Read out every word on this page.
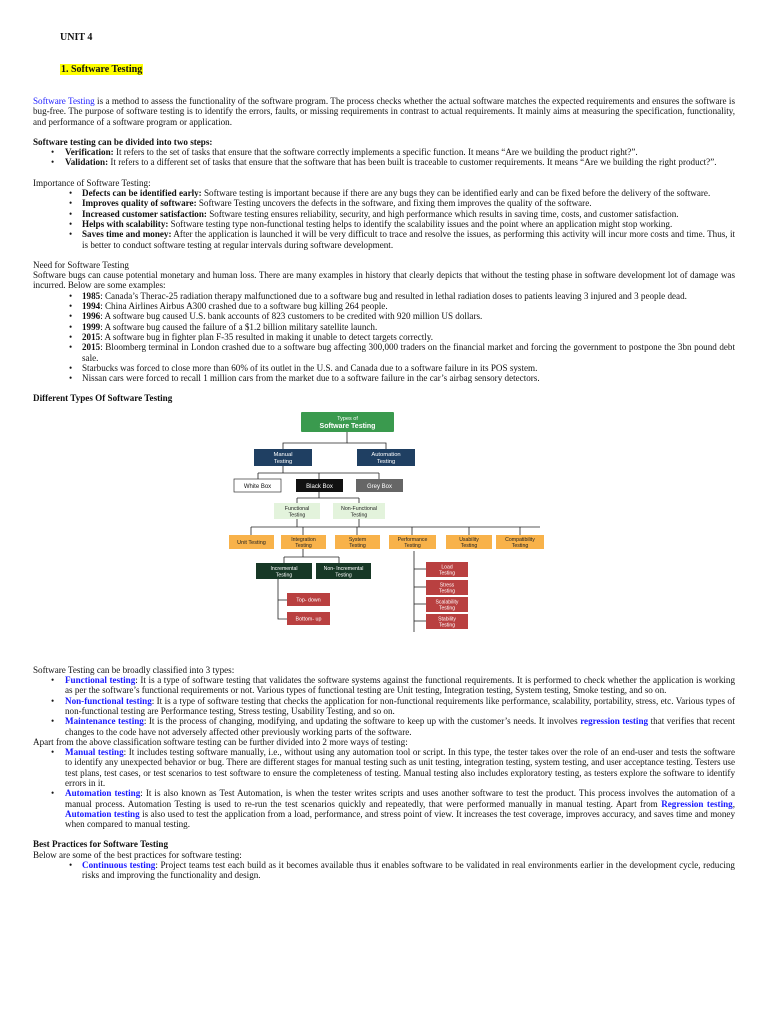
UNIT 4

1. Software Testing

Software Testing is a method to assess the functionality of the software program. The process checks whether the actual software matches the expected requirements and ensures the software is bug-free. The purpose of software testing is to identify the errors, faults, or missing requirements in contrast to actual requirements. It mainly aims at measuring the specification, functionality, and performance of a software program or application.

Software testing can be divided into two steps:

• Verification: It refers to the set of tasks that ensure that the software correctly implements a specific function. It means “Are we building the product right?”.
• Validation: It refers to a different set of tasks that ensure that the software that has been built is traceable to customer requirements. It means “Are we building the right product?”.

Importance of Software Testing:

• Defects can be identified early: Software testing is important because if there are any bugs they can be identified early and can be fixed before the delivery of the software.
• Improves quality of software: Software Testing uncovers the defects in the software, and fixing them improves the quality of the software.
• Increased customer satisfaction: Software testing ensures reliability, security, and high performance which results in saving time, costs, and customer satisfaction.
• Helps with scalability: Software testing type non-functional testing helps to identify the scalability issues and the point where an application might stop working.
• Saves time and money: After the application is launched it will be very difficult to trace and resolve the issues, as performing this activity will incur more costs and time. Thus, it is better to conduct software testing at regular intervals during software development.

Need for Software Testing

Software bugs can cause potential monetary and human loss. There are many examples in history that clearly depicts that without the testing phase in software development lot of damage was incurred. Below are some examples:

• 1985: Canada’s Therac-25 radiation therapy malfunctioned due to a software bug and resulted in lethal radiation doses to patients leaving 3 injured and 3 people dead.
• 1994: China Airlines Airbus A300 crashed due to a software bug killing 264 people.
• 1996: A software bug caused U.S. bank accounts of 823 customers to be credited with 920 million US dollars.
• 1999: A software bug caused the failure of a $1.2 billion military satellite launch.
• 2015: A software bug in fighter plan F-35 resulted in making it unable to detect targets correctly.
• 2015: Bloomberg terminal in London crashed due to a software bug affecting 300,000 traders on the financial market and forcing the government to postpone the 3bn pound debt sale.
• Starbucks was forced to close more than 60% of its outlet in the U.S. and Canada due to a software failure in its POS system.
• Nissan cars were forced to recall 1 million cars from the market due to a software failure in the car’s airbag sensory detectors.

Different Types Of Software Testing

Types of
Software Testing
Manual
Testing
Automation
Testing
White Box	Black Box	Grey Box
Functional
Testing
Non-Functional
Testing
Unit Testing	Integration
Testing
System
Testing
Performance
Testing
Usability
Testing
Compatibility
Testing
Incremental
Testing
Non- Incremental
Testing
Top- down
Bottom- up
Load
Testing
Stress
Testing
Scalability
Testing
Stability
Testing

Software Testing can be broadly classified into 3 types:

• Functional testing: It is a type of software testing that validates the software systems against the functional requirements. It is performed to check whether the application is working as per the software’s functional requirements or not. Various types of functional testing are Unit testing, Integration testing, System testing, Smoke testing, and so on.
• Non-functional testing: It is a type of software testing that checks the application for non-functional requirements like performance, scalability, portability, stress, etc. Various types of non-functional testing are Performance testing, Stress testing, Usability Testing, and so on.
• Maintenance testing: It is the process of changing, modifying, and updating the software to keep up with the customer’s needs. It involves regression testing that verifies that recent changes to the code have not adversely affected other previously working parts of the software.

Apart from the above classification software testing can be further divided into 2 more ways of testing:

• Manual testing: It includes testing software manually, i.e., without using any automation tool or script. In this type, the tester takes over the role of an end-user and tests the software to identify any unexpected behavior or bug. There are different stages for manual testing such as unit testing, integration testing, system testing, and user acceptance testing. Testers use test plans, test cases, or test scenarios to test software to ensure the completeness of testing. Manual testing also includes exploratory testing, as testers explore the software to identify errors in it.
• Automation testing: It is also known as Test Automation, is when the tester writes scripts and uses another software to test the product. This process involves the automation of a manual process. Automation Testing is used to re-run the test scenarios quickly and repeatedly, that were performed manually in manual testing. Apart from Regression testing, Automation testing is also used to test the application from a load, performance, and stress point of view. It increases the test coverage, improves accuracy, and saves time and money when compared to manual testing.

Best Practices for Software Testing

Below are some of the best practices for software testing:

• Continuous testing: Project teams test each build as it becomes available thus it enables software to be validated in real environments earlier in the development cycle, reducing risks and improving the functionality and design.
